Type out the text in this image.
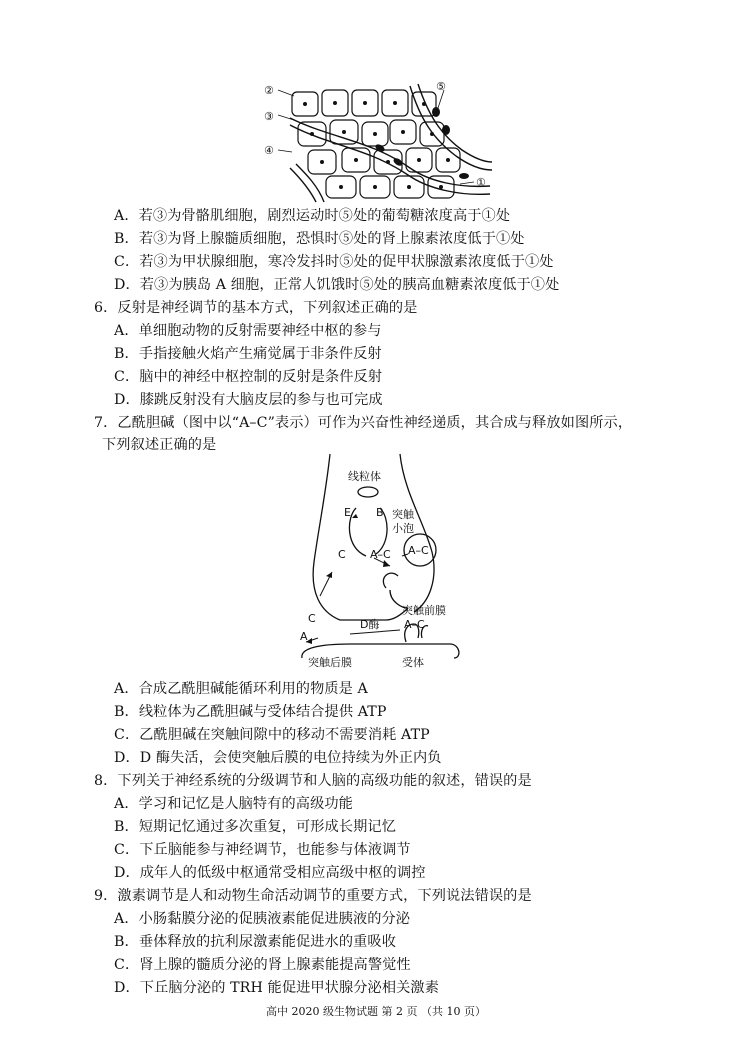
②
③
④
⑤
①
A．若③为骨骼肌细胞，剧烈运动时⑤处的葡萄糖浓度高于①处
B．若③为肾上腺髓质细胞，恐惧时⑤处的肾上腺素浓度低于①处
C．若③为甲状腺细胞，寒冷发抖时⑤处的促甲状腺激素浓度低于①处
D．若③为胰岛 A 细胞，正常人饥饿时⑤处的胰高血糖素浓度低于①处
6．反射是神经调节的基本方式，下列叙述正确的是
A．单细胞动物的反射需要神经中枢的参与
B．手指接触火焰产生痛觉属于非条件反射
C．脑中的神经中枢控制的反射是条件反射
D．膝跳反射没有大脑皮层的参与也可完成
7．乙酰胆碱（图中以“A–C”表示）可作为兴奋性神经递质，其合成与释放如图所示，
下列叙述正确的是
线粒体
E B
C A–C
突触
小泡
A–C
C	D酶
A
突触前膜
A–C
突触后膜	受体
A．合成乙酰胆碱能循环利用的物质是 A
B．线粒体为乙酰胆碱与受体结合提供 ATP
C．乙酰胆碱在突触间隙中的移动不需要消耗 ATP
D．D 酶失活，会使突触后膜的电位持续为外正内负
8．下列关于神经系统的分级调节和人脑的高级功能的叙述，错误的是
A．学习和记忆是人脑特有的高级功能
B．短期记忆通过多次重复，可形成长期记忆
C．下丘脑能参与神经调节，也能参与体液调节
D．成年人的低级中枢通常受相应高级中枢的调控
9．激素调节是人和动物生命活动调节的重要方式，下列说法错误的是
A．小肠黏膜分泌的促胰液素能促进胰液的分泌
B．垂体释放的抗利尿激素能促进水的重吸收
C．肾上腺的髓质分泌的肾上腺素能提高警觉性
D．下丘脑分泌的 TRH 能促进甲状腺分泌相关激素
高中 2020 级生物试题 第 2 页 （共 10 页）
